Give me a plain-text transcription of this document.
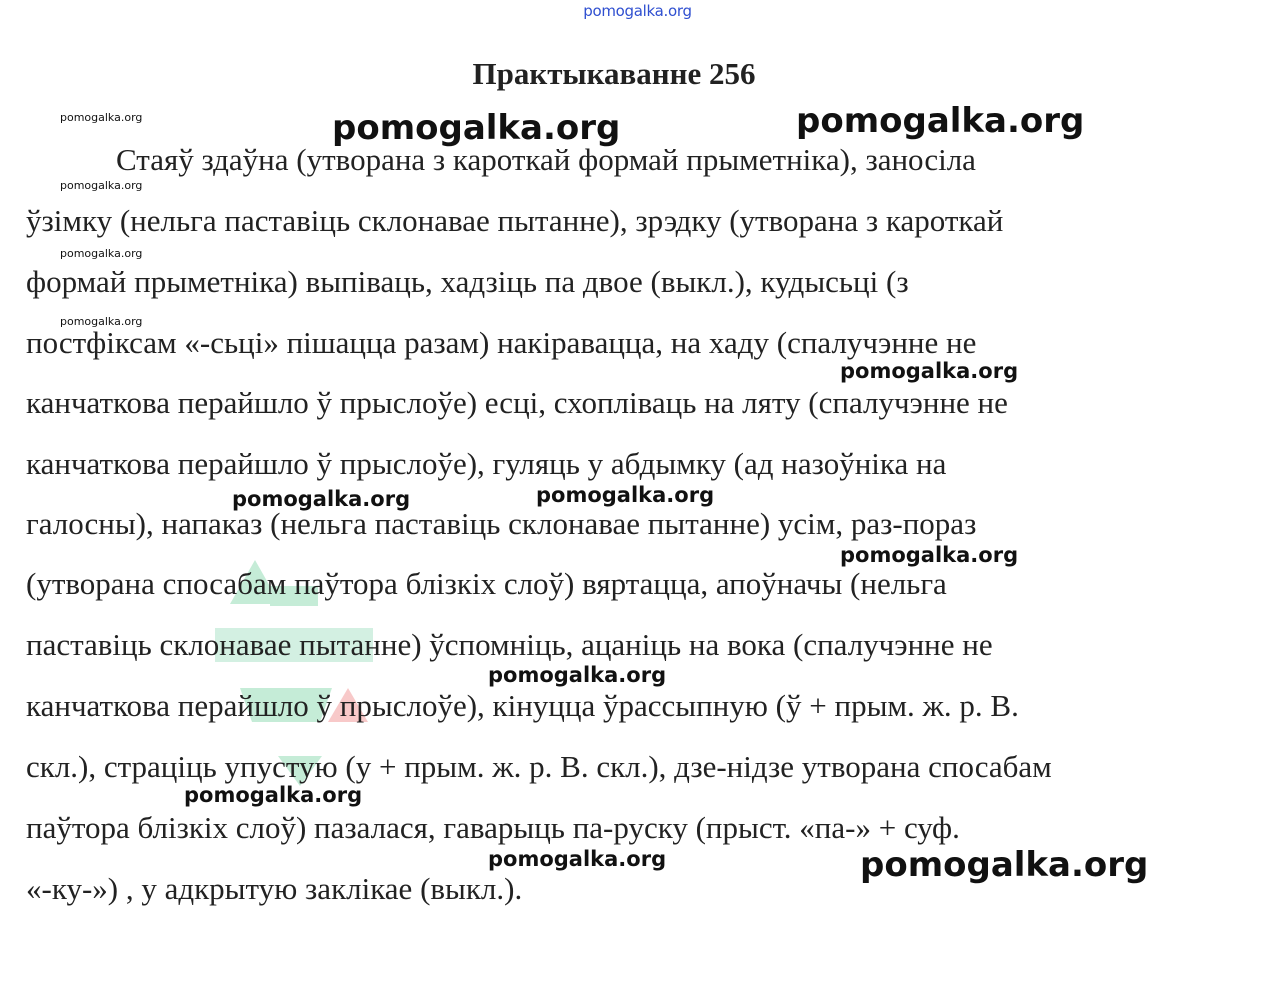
pomogalka.org
Практыкаванне 256
Стаяў здаўна (утворана з кароткай формай прыметніка), заносіла
ўзімку (нельга паставіць склонавае пытанне), зрэдку (утворана з кароткай
формай прыметніка) выпіваць, хадзіць па двое (выкл.), кудысьці (з
постфіксам «-сьці» пішацца разам) накіравацца, на хаду (спалучэнне не
канчаткова перайшло ў прыслоўе) есці, схопліваць на ляту (спалучэнне не
канчаткова перайшло ў прыслоўе), гуляць у абдымку (ад назоўніка на
галосны), напаказ (нельга паставіць склонавае пытанне) усім, раз-пораз
(утворана спосабам паўтора блізкіх слоў) вяртацца, апоўначы (нельга
паставіць склонавае пытанне) ўспомніць, ацаніць на вока (спалучэнне не
канчаткова перайшло ў прыслоўе), кінуцца ўрассыпную (ў + прым. ж. р. В.
скл.), страціць упустую (у + прым. ж. р. В. скл.), дзе-нідзе утворана спосабам
паўтора блізкіх слоў) пазалася, гаварыць па-руску (прыст. «па-» + суф.
«-ку-») , у адкрытую заклікае (выкл.).
pomogalka.org
pomogalka.org
pomogalka.org
pomogalka.org
pomogalka.org	pomogalka.org
pomogalka.org
pomogalka.org	pomogalka.org
pomogalka.org
pomogalka.org
pomogalka.org
pomogalka.org	pomogalka.org
